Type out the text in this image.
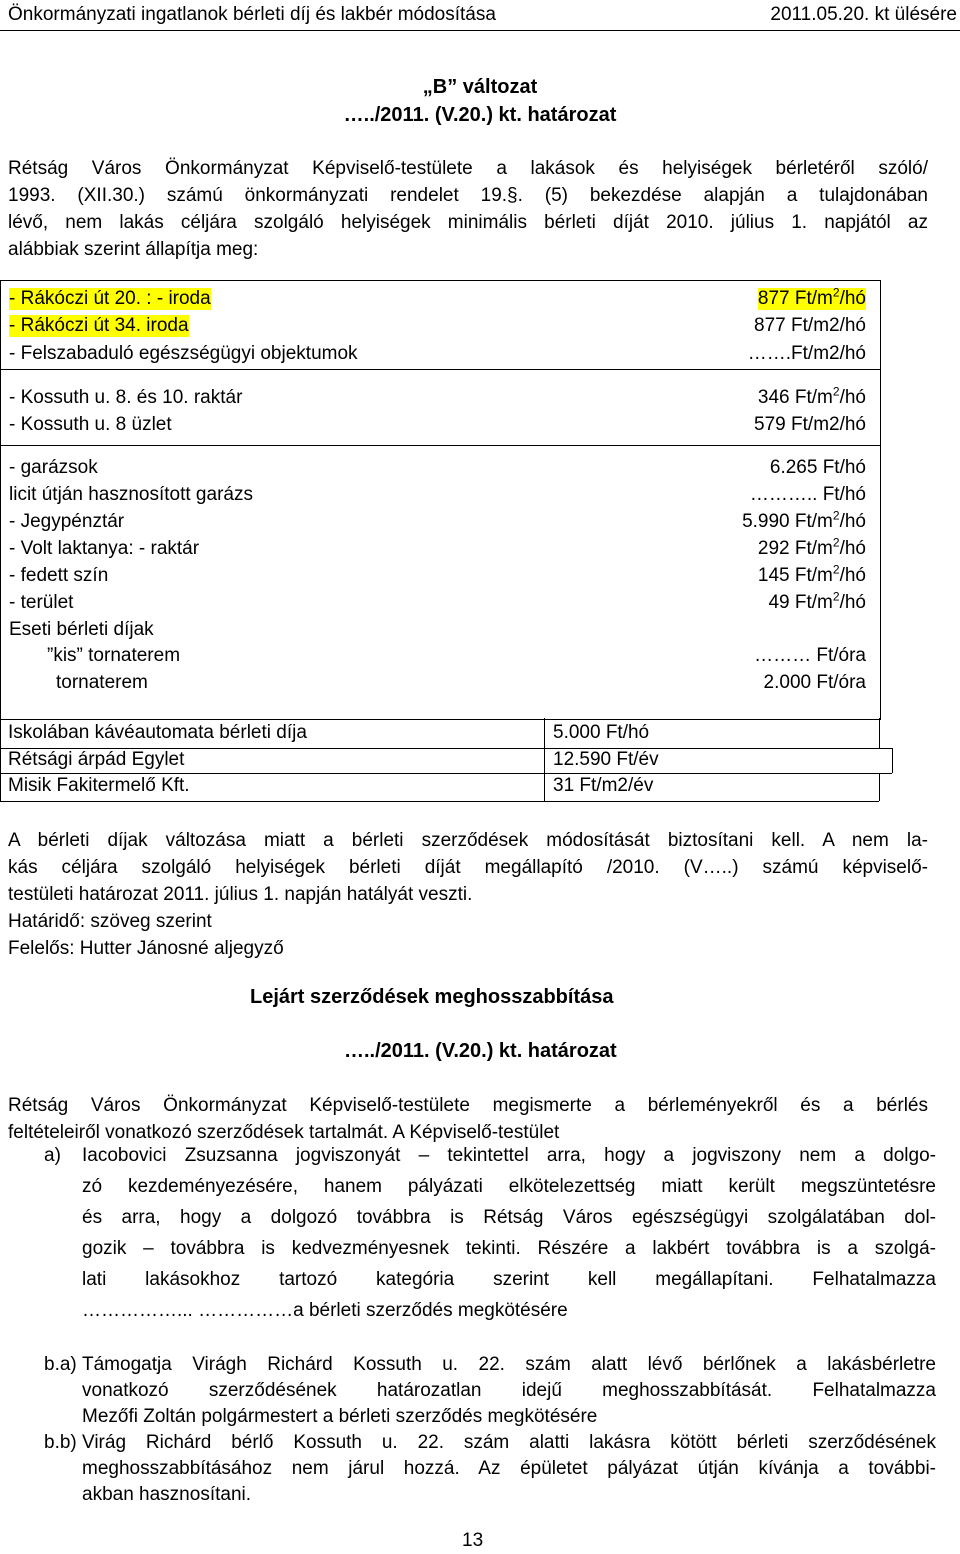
Önkormányzati ingatlanok bérleti díj és lakbér módosítása	2011.05.20. kt ülésére
„B” változat
…../2011. (V.20.) kt. határozat
Rétság Város Önkormányzat Képviselő-testülete a lakások és helyiségek bérletéről szóló/
1993. (XII.30.) számú önkormányzati rendelet 19.§. (5) bekezdése alapján a tulajdonában
lévő, nem lakás céljára szolgáló helyiségek minimális bérleti díját 2010. július 1. napjától az
alábbiak szerint állapítja meg:
- Rákóczi út 20. : - iroda	877 $Ft/m^2/hó$
- Rákóczi út 34. iroda	877 Ft/m2/hó
- Felszabaduló egészségügyi objektumok	…….Ft/m2/hó
- Kossuth u. 8. és 10. raktár	346 $Ft/m^2/hó$
- Kossuth u. 8 üzlet	579 Ft/m2/hó
- garázsok	6.265 Ft/hó
licit útján hasznosított garázs	……….. Ft/hó
- Jegypénztár	5.990 $Ft/m^2/hó$
- Volt laktanya: - raktár	292 $Ft/m^2/hó$
- fedett szín	145 $Ft/m^2/hó$
- terület	49 $Ft/m^2/hó$
Eseti bérleti díjak
”kis” tornaterem	……… Ft/óra
tornaterem	2.000 Ft/óra
Iskolában kávéautomata bérleti díja	5.000 Ft/hó
Rétsági árpád Egylet	12.590 Ft/év
Misik Fakitermelő Kft.	31 Ft/m2/év
A bérleti díjak változása miatt a bérleti szerződések módosítását biztosítani kell. A nem la-
kás céljára szolgáló helyiségek bérleti díját megállapító /2010. (V…..) számú képviselő-
testületi határozat 2011. július 1. napján hatályát veszti.
Határidő: szöveg szerint
Felelős: Hutter Jánosné aljegyző
Lejárt szerződések meghosszabbítása
…../2011. (V.20.) kt. határozat
Rétság Város Önkormányzat Képviselő-testülete megismerte a bérleményekről és a bérlés
feltételeiről vonatkozó szerződések tartalmát. A Képviselő-testület
a) Iacobovici Zsuzsanna jogviszonyát – tekintettel arra, hogy a jogviszony nem a dolgo-
zó kezdeményezésére, hanem pályázati elkötelezettség miatt került megszüntetésre
és arra, hogy a dolgozó továbbra is Rétság Város egészségügyi szolgálatában dol-
gozik – továbbra is kedvezményesnek tekinti. Részére a lakbért továbbra is a szolgá-
lati lakásokhoz tartozó kategória szerint kell megállapítani. Felhatalmazza
……………... ……………a bérleti szerződés megkötésére
b.a) Támogatja Virágh Richárd Kossuth u. 22. szám alatt lévő bérlőnek a lakásbérletre
vonatkozó szerződésének határozatlan idejű meghosszabbítását. Felhatalmazza
Mezőfi Zoltán polgármestert a bérleti szerződés megkötésére
b.b) Virág Richárd bérlő Kossuth u. 22. szám alatti lakásra kötött bérleti szerződésének
meghosszabbításához nem járul hozzá. Az épületet pályázat útján kívánja a további-
akban hasznosítani.
13
